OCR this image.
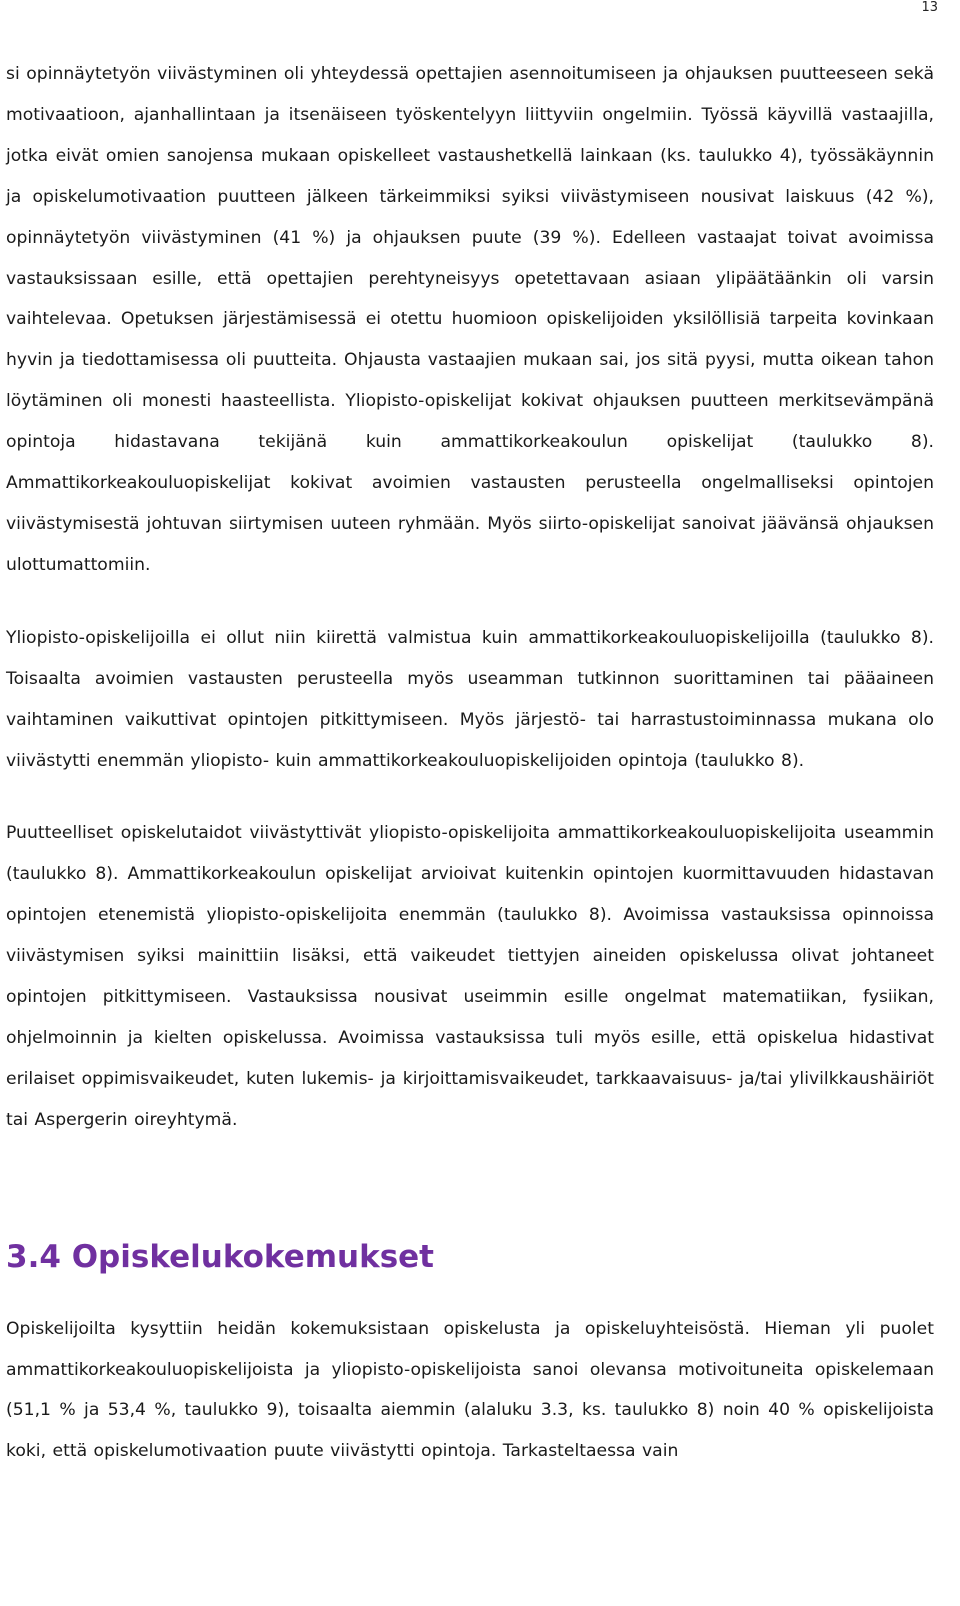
13

si opinnäytetyön viivästyminen oli yhteydessä opettajien asennoitumiseen ja ohjauksen puutteeseen sekä motivaatioon, ajanhallintaan ja itsenäiseen työskentelyyn liittyviin ongelmiin. Työssä käyvillä vastaajilla, jotka eivät omien sanojensa mukaan opiskelleet vastaushetkellä lainkaan (ks. taulukko 4), työssäkäynnin ja opiskelumotivaation puutteen jälkeen tärkeimmiksi syiksi viivästymiseen nousivat laiskuus (42 %), opinnäytetyön viivästyminen (41 %) ja ohjauksen puute (39 %). Edelleen vastaajat toivat avoimissa vastauksissaan esille, että opettajien perehtyneisyys opetettavaan asiaan ylipäätäänkin oli varsin vaihtelevaa. Opetuksen järjestämisessä ei otettu huomioon opiskelijoiden yksilöllisiä tarpeita kovinkaan hyvin ja tiedottamisessa oli puutteita. Ohjausta vastaajien mukaan sai, jos sitä pyysi, mutta oikean tahon löytäminen oli monesti haasteellista. Yliopisto-opiskelijat kokivat ohjauksen puutteen merkitsevämpänä opintoja hidastavana tekijänä kuin ammattikorkeakoulun opiskelijat (taulukko 8). Ammattikorkeakouluopiskelijat kokivat avoimien vastausten perusteella ongelmalliseksi opintojen viivästymisestä johtuvan siirtymisen uuteen ryhmään. Myös siirto-opiskelijat sanoivat jäävänsä ohjauksen ulottumattomiin.

Yliopisto-opiskelijoilla ei ollut niin kiirettä valmistua kuin ammattikorkeakouluopiskelijoilla (taulukko 8). Toisaalta avoimien vastausten perusteella myös useamman tutkinnon suorittaminen tai pääaineen vaihtaminen vaikuttivat opintojen pitkittymiseen. Myös järjestö- tai harrastustoiminnassa mukana olo viivästytti enemmän yliopisto- kuin ammattikorkeakouluopiskelijoiden opintoja (taulukko 8).

Puutteelliset opiskelutaidot viivästyttivät yliopisto-opiskelijoita ammattikorkeakouluopiskelijoita useammin (taulukko 8). Ammattikorkeakoulun opiskelijat arvioivat kuitenkin opintojen kuormittavuuden hidastavan opintojen etenemistä yliopisto-opiskelijoita enemmän (taulukko 8). Avoimissa vastauksissa opinnoissa viivästymisen syiksi mainittiin lisäksi, että vaikeudet tiettyjen aineiden opiskelussa olivat johtaneet opintojen pitkittymiseen. Vastauksissa nousivat useimmin esille ongelmat matematiikan, fysiikan, ohjelmoinnin ja kielten opiskelussa. Avoimissa vastauksissa tuli myös esille, että opiskelua hidastivat erilaiset oppimisvaikeudet, kuten lukemis- ja kirjoittamisvaikeudet, tarkkaavaisuus- ja/tai ylivilkkaushäiriöt tai Aspergerin oireyhtymä.

3.4 Opiskelukokemukset

Opiskelijoilta kysyttiin heidän kokemuksistaan opiskelusta ja opiskeluyhteisöstä. Hieman yli puolet ammattikorkeakouluopiskelijoista ja yliopisto-opiskelijoista sanoi olevansa motivoituneita opiskelemaan (51,1 % ja 53,4 %, taulukko 9), toisaalta aiemmin (alaluku 3.3, ks. taulukko 8) noin 40 % opiskelijoista koki, että opiskelumotivaation puute viivästytti opintoja. Tarkasteltaessa vain
